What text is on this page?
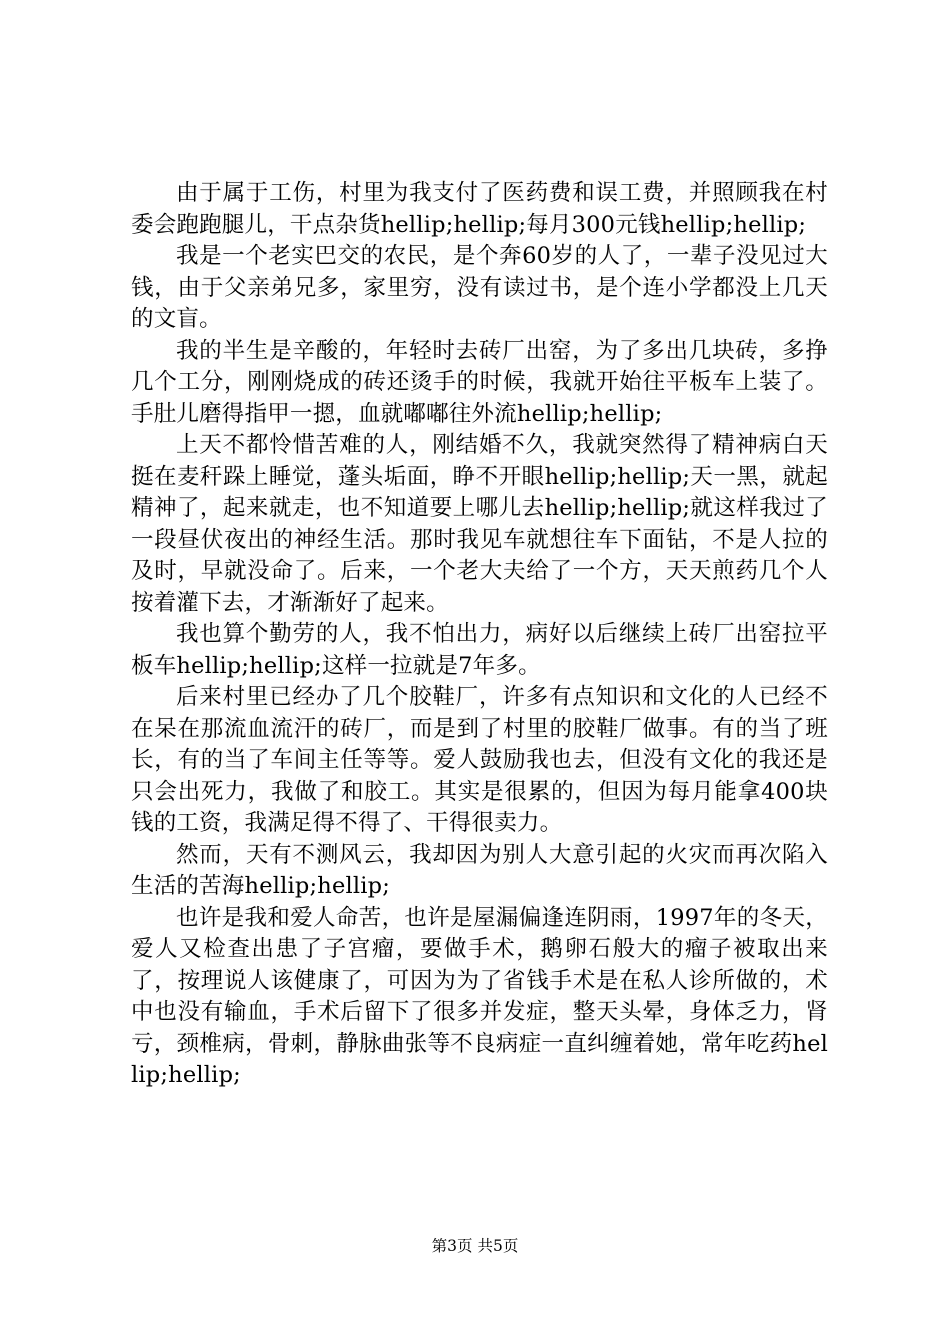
由于属于工伤，村里为我支付了医药费和误工费，并照顾我在村委会跑跑腿儿，干点杂货hellip;hellip;每月300元钱hellip;hellip;

我是一个老实巴交的农民，是个奔60岁的人了，一辈子没见过大钱，由于父亲弟兄多，家里穷，没有读过书，是个连小学都没上几天的文盲。

我的半生是辛酸的，年轻时去砖厂出窑，为了多出几块砖，多挣几个工分，刚刚烧成的砖还烫手的时候，我就开始往平板车上装了。手肚儿磨得指甲一摁，血就嘟嘟往外流hellip;hellip;

上天不都怜惜苦难的人，刚结婚不久，我就突然得了精神病白天挺在麦秆跺上睡觉，蓬头垢面，睁不开眼hellip;hellip;天一黑，就起精神了，起来就走，也不知道要上哪儿去hellip;hellip;就这样我过了一段昼伏夜出的神经生活。那时我见车就想往车下面钻，不是人拉的及时，早就没命了。后来，一个老大夫给了一个方，天天煎药几个人按着灌下去，才渐渐好了起来。

我也算个勤劳的人，我不怕出力，病好以后继续上砖厂出窑拉平板车hellip;hellip;这样一拉就是7年多。

后来村里已经办了几个胶鞋厂，许多有点知识和文化的人已经不在呆在那流血流汗的砖厂，而是到了村里的胶鞋厂做事。有的当了班长，有的当了车间主任等等。爱人鼓励我也去，但没有文化的我还是只会出死力，我做了和胶工。其实是很累的，但因为每月能拿400块钱的工资，我满足得不得了、干得很卖力。

然而，天有不测风云，我却因为别人大意引起的火灾而再次陷入生活的苦海hellip;hellip;

也许是我和爱人命苦，也许是屋漏偏逢连阴雨，1997年的冬天，爱人又检查出患了子宫瘤，要做手术，鹅卵石般大的瘤子被取出来了，按理说人该健康了，可因为为了省钱手术是在私人诊所做的，术中也没有输血，手术后留下了很多并发症，整天头晕，身体乏力，肾亏，颈椎病，骨刺，静脉曲张等不良病症一直纠缠着她，常年吃药hellip;hellip;

第3页 共5页
